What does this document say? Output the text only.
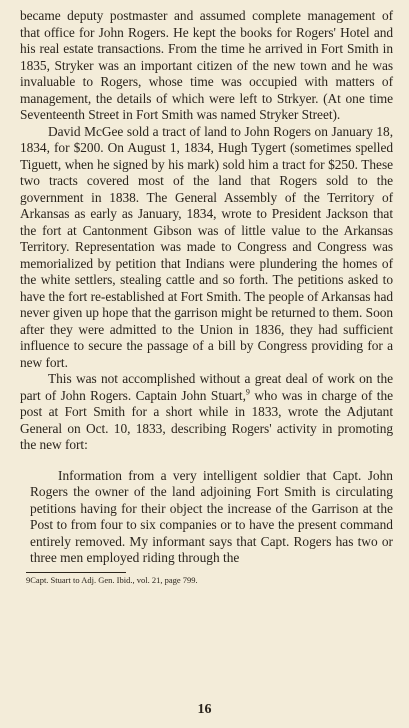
became deputy postmaster and assumed complete management of that office for John Rogers. He kept the books for Rogers' Hotel and his real estate transactions. From the time he arrived in Fort Smith in 1835, Stryker was an important citizen of the new town and he was invaluable to Rogers, whose time was occupied with matters of management, the details of which were left to Strkyer. (At one time Seventeenth Street in Fort Smith was named Stryker Street).

David McGee sold a tract of land to John Rogers on January 18, 1834, for $200. On August 1, 1834, Hugh Tygert (sometimes spelled Tiguett, when he signed by his mark) sold him a tract for $250. These two tracts covered most of the land that Rogers sold to the government in 1838. The General Assembly of the Territory of Arkansas as early as January, 1834, wrote to President Jackson that the fort at Cantonment Gibson was of little value to the Arkansas Territory. Representation was made to Congress and Congress was memorialized by petition that Indians were plundering the homes of the white settlers, stealing cattle and so forth. The petitions asked to have the fort re-established at Fort Smith. The people of Arkansas had never given up hope that the garrison might be returned to them. Soon after they were admitted to the Union in 1836, they had sufficient influence to secure the passage of a bill by Congress providing for a new fort.

This was not accomplished without a great deal of work on the part of John Rogers. Captain John Stuart,$^9$ who was in charge of the post at Fort Smith for a short while in 1833, wrote the Adjutant General on Oct. 10, 1833, describing Rogers' activity in promoting the new fort:

Information from a very intelligent soldier that Capt. John Rogers the owner of the land adjoining Fort Smith is circulating petitions having for their object the increase of the Garrison at the Post to from four to six companies or to have the present command entirely removed. My informant says that Capt. Rogers has two or three men employed riding through the

9Capt. Stuart to Adj. Gen. Ibid., vol. 21, page 799.

16
